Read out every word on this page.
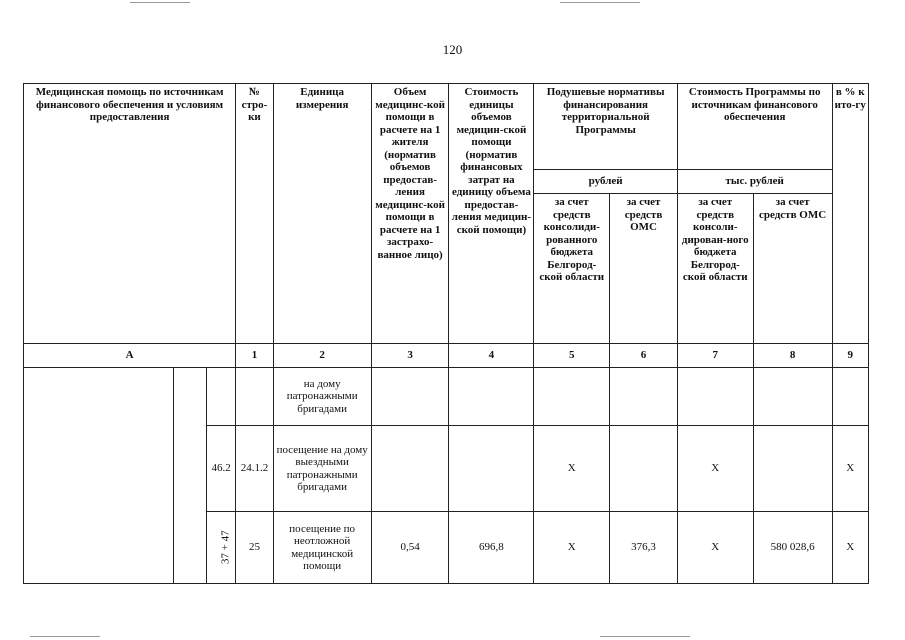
120
Медицинская помощь по источникам финансового обеспечения и условиям предоставления			№ стро-ки	Единица измерения	Объем медицинс-кой помощи в расчете на 1 жителя (норматив объемов предостав-ления медицинс-кой помощи в расчете на 1 застрахо-ванное лицо)	Стоимость единицы объемов медицин-ской помощи (норматив финансовых затрат на единицу объема предостав-ления медицин-ской помощи)	Подушевые нормативы финансирования территориальной Программы		Стоимость Программы по источникам финансового обеспечения		в % к ито-гу
							рублей		тыс. рублей		
							за счет средств консолиди-рованного бюджета Белгород-ской области	за счет средств ОМС	за счет средств консоли-дирован-ного бюджета Белгород-ской области	за счет средств ОМС	
А			1	2	3	4	5	6	7	8	9
				на дому патронажными бригадами							
		46.2	24.1.2	посещение на дому выездными патронажными бригадами			Х		Х		Х
		37 + 47	25	посещение по неотложной медицинской помощи	0,54	696,8	Х	376,3	Х	580 028,6	Х
